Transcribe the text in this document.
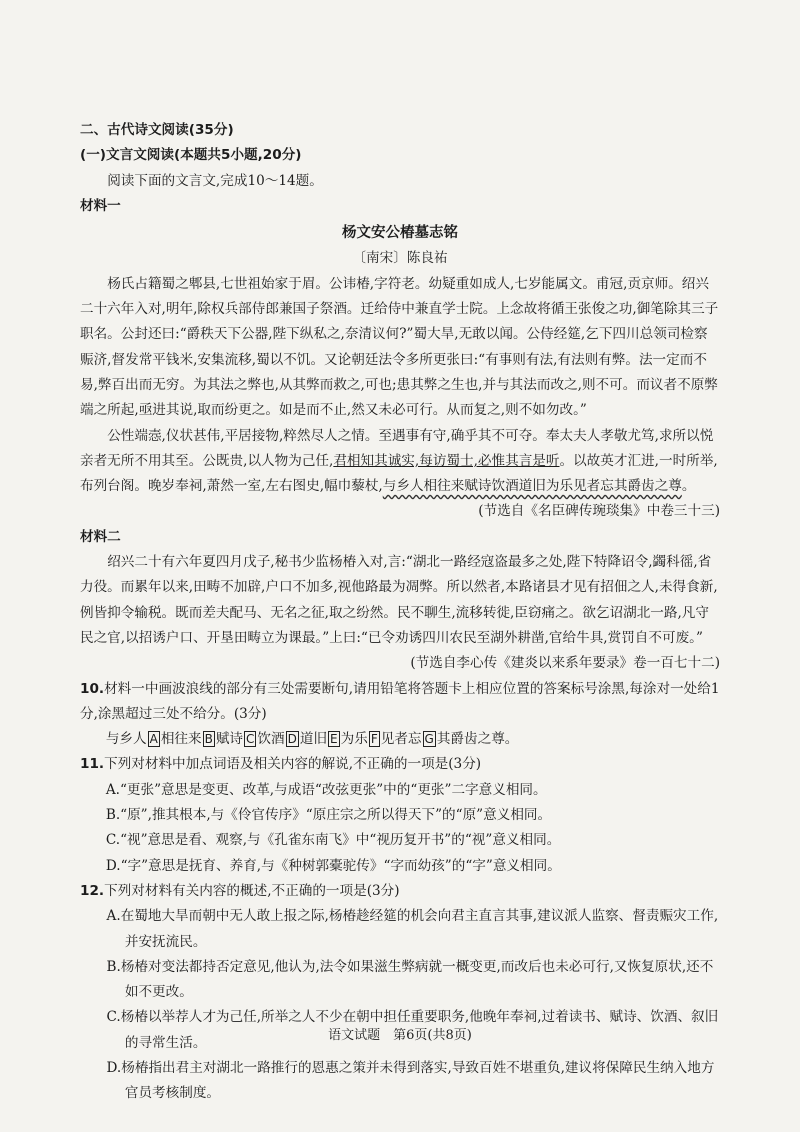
二、古代诗文阅读(35分)

(一)文言文阅读(本题共5小题,20分)

阅读下面的文言文,完成10～14题。

材料一

杨文安公椿墓志铭

〔南宋〕陈良祐

杨氏占籍蜀之郫县,七世祖始家于眉。公讳椿,字符老。幼疑重如成人,七岁能属文。甫冠,贡京师。绍兴二十六年入对,明年,除权兵部侍郎兼国子祭酒。迁给侍中兼直学士院。上念故将循王张俊之功,御笔除其三子职名。公封还曰:“爵秩天下公器,陛下纵私之,奈清议何?”蜀大旱,无敢以闻。公侍经筵,乞下四川总领司检察赈济,督发常平钱米,安集流移,蜀以不饥。又论朝廷法令多所更张曰:“有事则有法,有法则有弊。法一定而不易,弊百出而无穷。为其法之弊也,从其弊而救之,可也;患其弊之生也,并与其法而改之,则不可。而议者不原弊端之所起,亟进其说,取而纷更之。如是而不止,然又未必可行。从而复之,则不如勿改。”

公性端悫,仪状甚伟,平居接物,粹然尽人之情。至遇事有守,确乎其不可夺。奉太夫人孝敬尤笃,求所以悦亲者无所不用其至。公既贵,以人物为己任,君相知其诚实,每访蜀士,必惟其言是听。以故英才汇进,一时所举,布列台阁。晚岁奉祠,萧然一室,左右图史,幅巾藜杖,与乡人相往来赋诗饮酒道旧为乐见者忘其爵齿之尊。

(节选自《名臣碑传琬琰集》中卷三十三)

材料二

绍兴二十有六年夏四月戊子,秘书少监杨椿入对,言:“湖北一路经寇盗最多之处,陛下特降诏令,蠲科徭,省力役。而累年以来,田畴不加辟,户口不加多,视他路最为凋弊。所以然者,本路诸县才见有招佃之人,未得食新,例皆抑令输税。既而差夫配马、无名之征,取之纷然。民不聊生,流移转徙,臣窃痛之。欲乞诏湖北一路,凡守民之官,以招诱户口、开垦田畴立为课最。”上曰:“已令劝诱四川农民至湖外耕凿,官给牛具,赏罚自不可废。”

(节选自李心传《建炎以来系年要录》卷一百七十二)

10.材料一中画波浪线的部分有三处需要断句,请用铅笔将答题卡上相应位置的答案标号涂黑,每涂对一处给1分,涂黑超过三处不给分。(3分)

与乡人 A 相往来 B 赋诗 C 饮酒 D 道旧 E 为乐 F 见者忘 G 其爵齿之尊。

11.下列对材料中加点词语及相关内容的解说,不正确的一项是(3分)

A.“更张”意思是变更、改革,与成语“改弦更张”中的“更张”二字意义相同。

B.“原”,推其根本,与《伶官传序》“原庄宗之所以得天下”的“原”意义相同。

C.“视”意思是看、观察,与《孔雀东南飞》中“视历复开书”的“视”意义相同。

D.“字”意思是抚育、养育,与《种树郭橐驼传》“字而幼孩”的“字”意义相同。

12.下列对材料有关内容的概述,不正确的一项是(3分)

A.在蜀地大旱而朝中无人敢上报之际,杨椿趁经筵的机会向君主直言其事,建议派人监察、督责赈灾工作,并安抚流民。

B.杨椿对变法都持否定意见,他认为,法令如果滋生弊病就一概变更,而改后也未必可行,又恢复原状,还不如不更改。

C.杨椿以举荐人才为己任,所举之人不少在朝中担任重要职务,他晚年奉祠,过着读书、赋诗、饮酒、叙旧的寻常生活。

D.杨椿指出君主对湖北一路推行的恩惠之策并未得到落实,导致百姓不堪重负,建议将保障民生纳入地方官员考核制度。

语文试题　第6页(共8页)
